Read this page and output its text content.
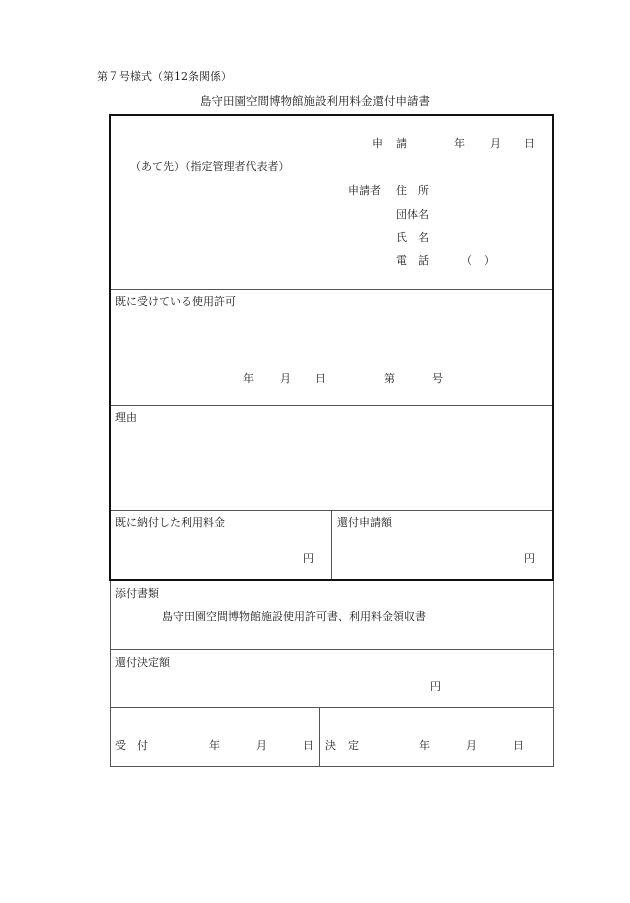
第７号様式（第12条関係）
島守田園空間博物館施設利用料金還付申請書
申 請	年 月 日
（あて先）（指定管理者代表者）
申請者 住　所
団体名
氏　名
電　話	（ ）
既に受けている使用許可
年 月 日	第	号
理由
既に納付した利用料金
円
還付申請額
円
添付書類
島守田園空間博物館施設使用許可書、利用料金領収書
還付決定額
円
受 付	年	月	日 決 定	年	月	日
